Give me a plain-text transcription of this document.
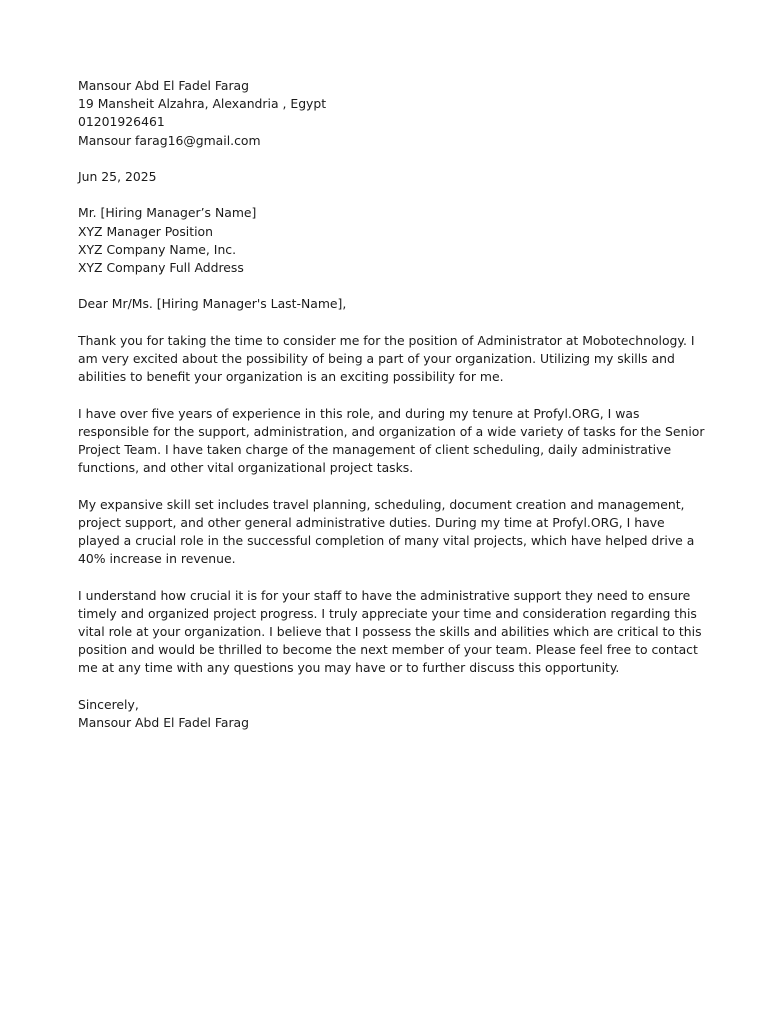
Mansour Abd El Fadel Farag
19 Mansheit Alzahra, Alexandria , Egypt
01201926461
Mansour farag16@gmail.com
Jun 25, 2025
Mr. [Hiring Manager’s Name]
XYZ Manager Position
XYZ Company Name, Inc.
XYZ Company Full Address
Dear Mr/Ms. [Hiring Manager's Last-Name],

Thank you for taking the time to consider me for the position of Administrator at Mobotechnology. I
am very excited about the possibility of being a part of your organization. Utilizing my skills and
abilities to benefit your organization is an exciting possibility for me.

I have over five years of experience in this role, and during my tenure at Profyl.ORG, I was
responsible for the support, administration, and organization of a wide variety of tasks for the Senior
Project Team. I have taken charge of the management of client scheduling, daily administrative
functions, and other vital organizational project tasks.

My expansive skill set includes travel planning, scheduling, document creation and management,
project support, and other general administrative duties. During my time at Profyl.ORG, I have
played a crucial role in the successful completion of many vital projects, which have helped drive a
40% increase in revenue.

I understand how crucial it is for your staff to have the administrative support they need to ensure
timely and organized project progress. I truly appreciate your time and consideration regarding this
vital role at your organization. I believe that I possess the skills and abilities which are critical to this
position and would be thrilled to become the next member of your team. Please feel free to contact
me at any time with any questions you may have or to further discuss this opportunity.

Sincerely,
Mansour Abd El Fadel Farag
